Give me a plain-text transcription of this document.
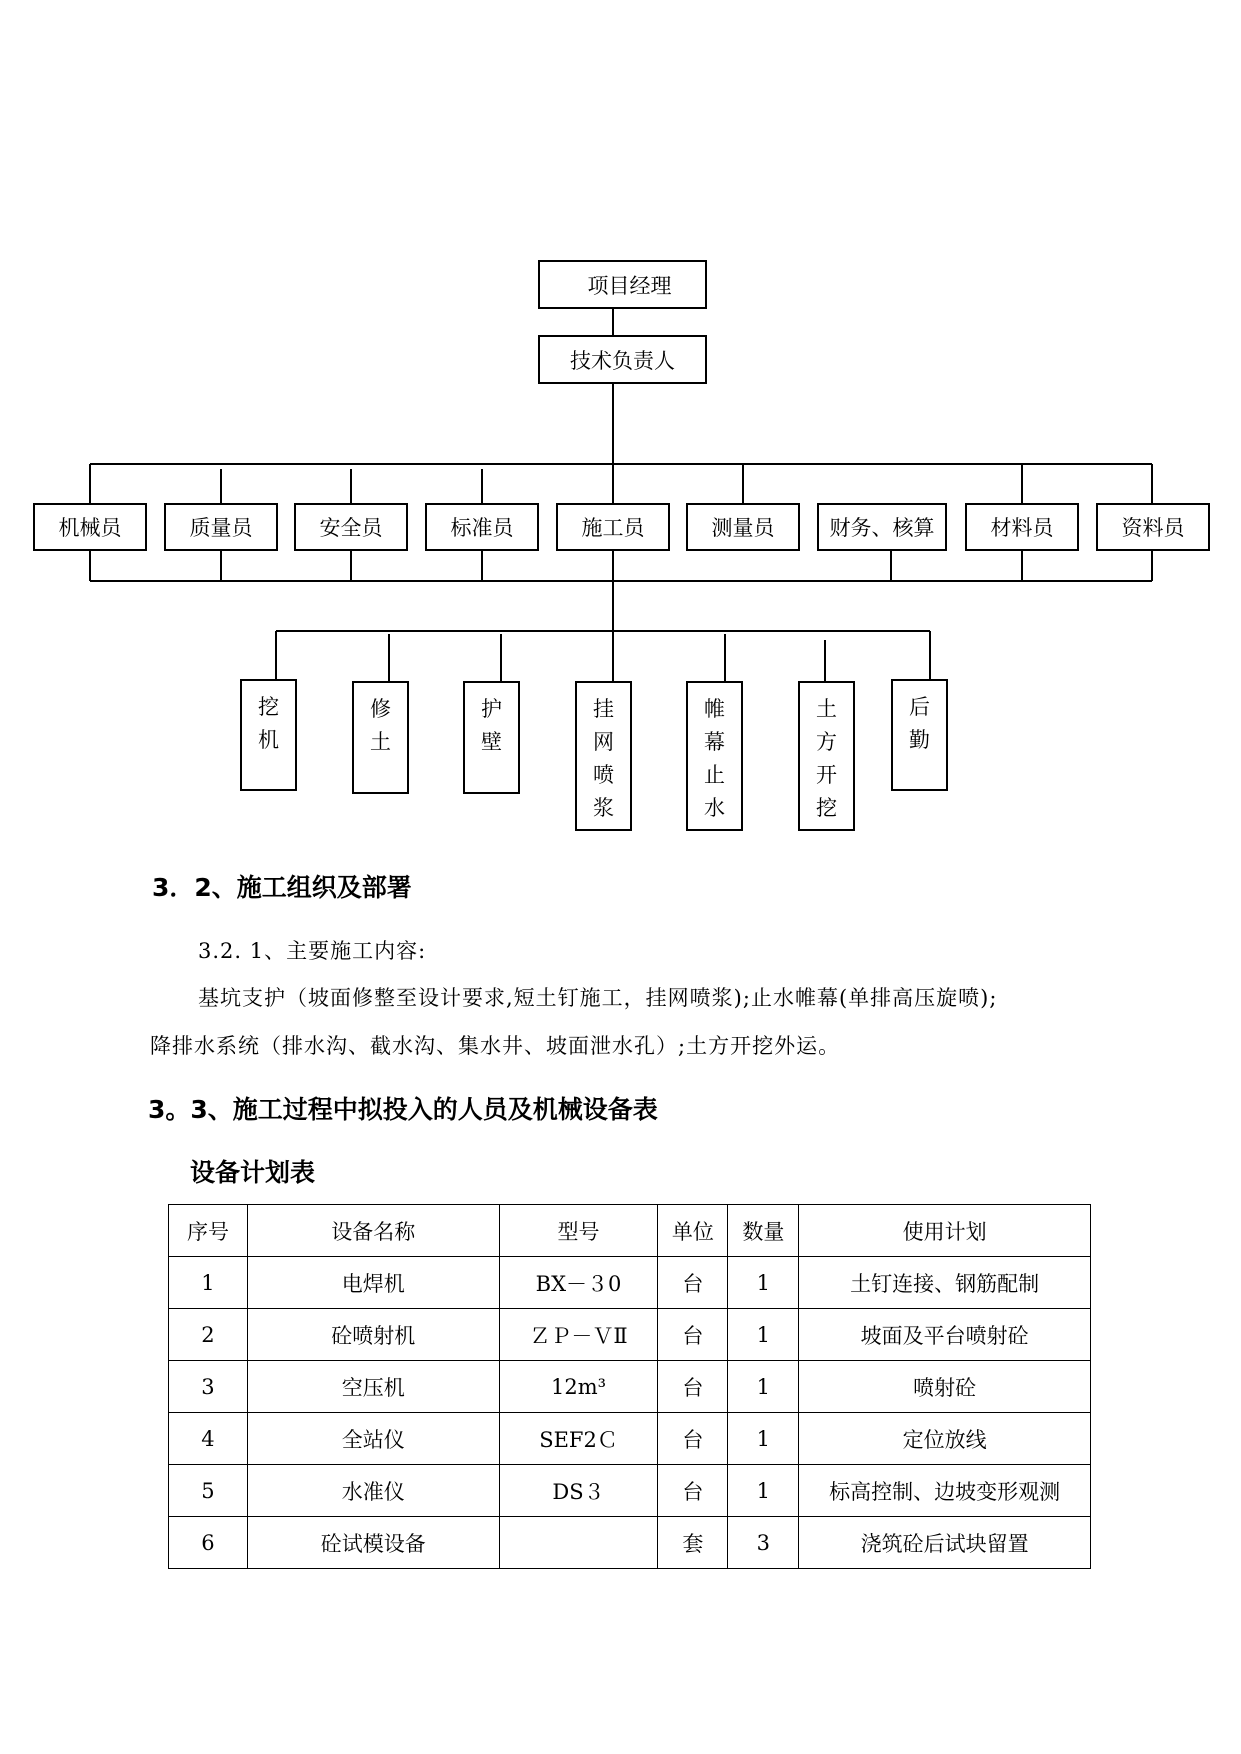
项目经理
技术负责人
机械员	质量员	安全员	标准员	施工员	测量员	财务、核算	材料员	资料员
挖
机
修
土
护
壁
挂
网
喷
浆
帷
幕
止
水
土
方
开
挖
后
勤
3．2、施工组织及部署
3.2. 1、主要施工内容:
基坑支护（坡面修整至设计要求,短土钉施工，挂网喷浆);止水帷幕(单排高压旋喷);
降排水系统（排水沟、截水沟、集水井、坡面泄水孔）;土方开挖外运。
3。3、施工过程中拟投入的人员及机械设备表
设备计划表
序号	设备名称	型号	单位	数量	使用计划
1	电焊机	BX－３0	台	1	土钉连接、钢筋配制
2	砼喷射机	ＺＰ－ＶⅡ	台	1	坡面及平台喷射砼
3	空压机	12m³	台	1	喷射砼
4	全站仪	SEF2Ｃ	台	1	定位放线
5	水准仪	DS３	台	1	标高控制、边坡变形观测
6	砼试模设备		套	3	浇筑砼后试块留置
